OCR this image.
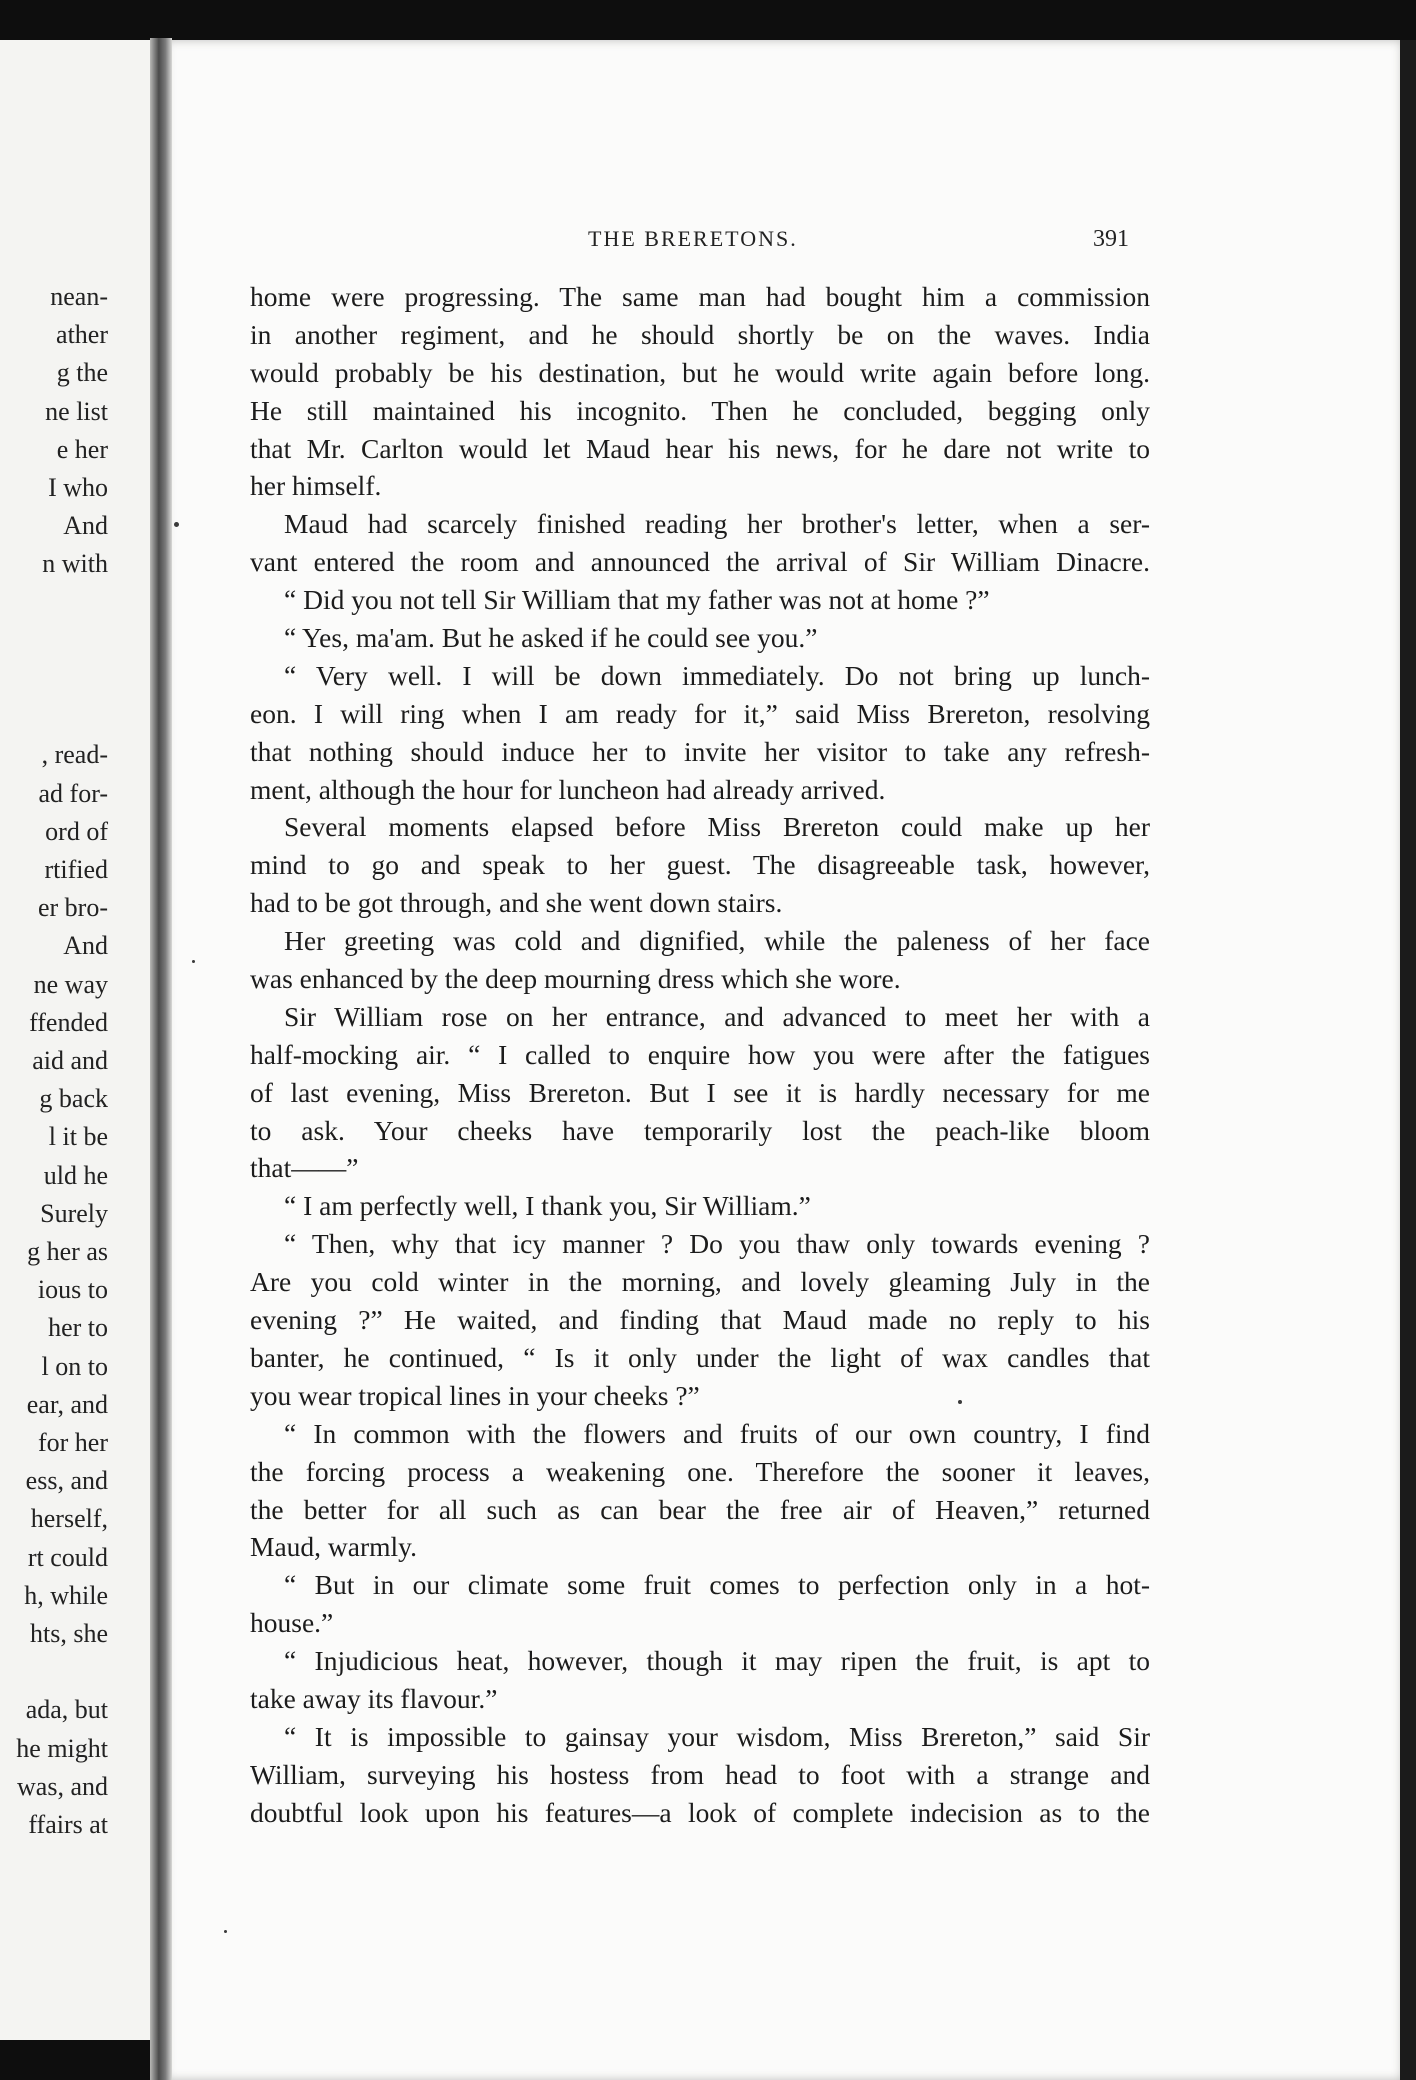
nean-
ather
g the
ne list
e her
I who
And
n with
, read-
ad for-
ord of
rtified
er bro-
And
ne way
ffended
aid and
g back
l it be
uld he
Surely
g her as
ious to
her to
l on to
ear, and
for her
ess, and
herself,
rt could
h, while
hts, she
ada, but
he might
was, and
ffairs at
THE BRERETONS.	391
home were progressing. The same man had bought him a commission
in another regiment, and he should shortly be on the waves. India
would probably be his destination, but he would write again before long.
He still maintained his incognito. Then he concluded, begging only
that Mr. Carlton would let Maud hear his news, for he dare not write to
her himself.
Maud had scarcely finished reading her brother's letter, when a ser-
vant entered the room and announced the arrival of Sir William Dinacre.
“ Did you not tell Sir William that my father was not at home ?”
“ Yes, ma'am. But he asked if he could see you.”
“ Very well. I will be down immediately. Do not bring up lunch-
eon. I will ring when I am ready for it,” said Miss Brereton, resolving
that nothing should induce her to invite her visitor to take any refresh-
ment, although the hour for luncheon had already arrived.
Several moments elapsed before Miss Brereton could make up her
mind to go and speak to her guest. The disagreeable task, however,
had to be got through, and she went down stairs.
Her greeting was cold and dignified, while the paleness of her face
was enhanced by the deep mourning dress which she wore.
Sir William rose on her entrance, and advanced to meet her with a
half-mocking air. “ I called to enquire how you were after the fatigues
of last evening, Miss Brereton. But I see it is hardly necessary for me
to ask. Your cheeks have temporarily lost the peach-like bloom
that——”
“ I am perfectly well, I thank you, Sir William.”
“ Then, why that icy manner ? Do you thaw only towards evening ?
Are you cold winter in the morning, and lovely gleaming July in the
evening ?” He waited, and finding that Maud made no reply to his
banter, he continued, “ Is it only under the light of wax candles that
you wear tropical lines in your cheeks ?”
“ In common with the flowers and fruits of our own country, I find
the forcing process a weakening one. Therefore the sooner it leaves,
the better for all such as can bear the free air of Heaven,” returned
Maud, warmly.
“ But in our climate some fruit comes to perfection only in a hot-
house.”
“ Injudicious heat, however, though it may ripen the fruit, is apt to
take away its flavour.”
“ It is impossible to gainsay your wisdom, Miss Brereton,” said Sir
William, surveying his hostess from head to foot with a strange and
doubtful look upon his features—a look of complete indecision as to the
